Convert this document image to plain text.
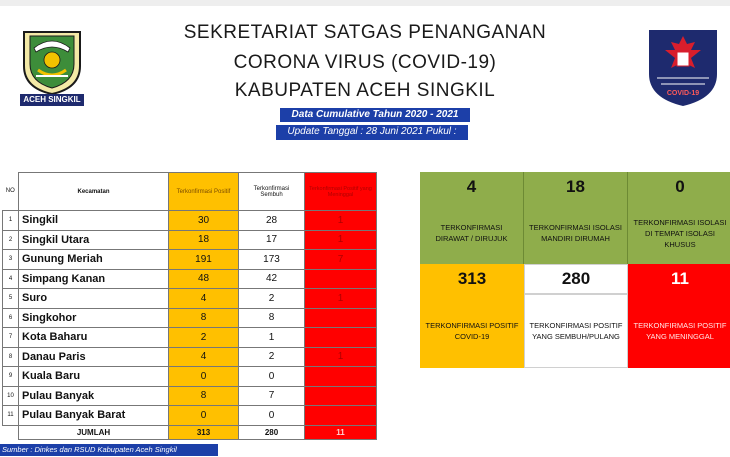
ACEH SINGKIL
COVID-19
SEKRETARIAT SATGAS PENANGANAN
CORONA VIRUS (COVID-19)
KABUPATEN ACEH SINGKIL
Data Cumulative Tahun 2020 - 2021
Update Tanggal : 28 Juni 2021 Pukul : 12.00 Wib
NO	Kecamatan	Terkonfirmasi Positif	Terkonfirmasi Sembuh	Terkonfirmasi Positif yang Meninggal
1	Singkil	30	28	1
2	Singkil Utara	18	17	1
3	Gunung Meriah	191	173	7
4	Simpang Kanan	48	42	
5	Suro	4	2	1
6	Singkohor	8	8	
7	Kota Baharu	2	1	
8	Danau Paris	4	2	1
9	Kuala Baru	0	0	
10	Pulau Banyak	8	7	
11	Pulau Banyak Barat	0	0	
	JUMLAH	313	280	11
Sumber : Dinkes dan RSUD Kabupaten Aceh Singkil
4	18	0
TERKONFIRMASI DIRAWAT / DIRUJUK
TERKONFIRMASI ISOLASI MANDIRI DIRUMAH
TERKONFIRMASI ISOLASI DI TEMPAT ISOLASI KHUSUS
313	280	11
TERKONFIRMASI POSITIF COVID-19
TERKONFIRMASI POSITIF YANG SEMBUH/PULANG
TERKONFIRMASI POSITIF YANG MENINGGAL
